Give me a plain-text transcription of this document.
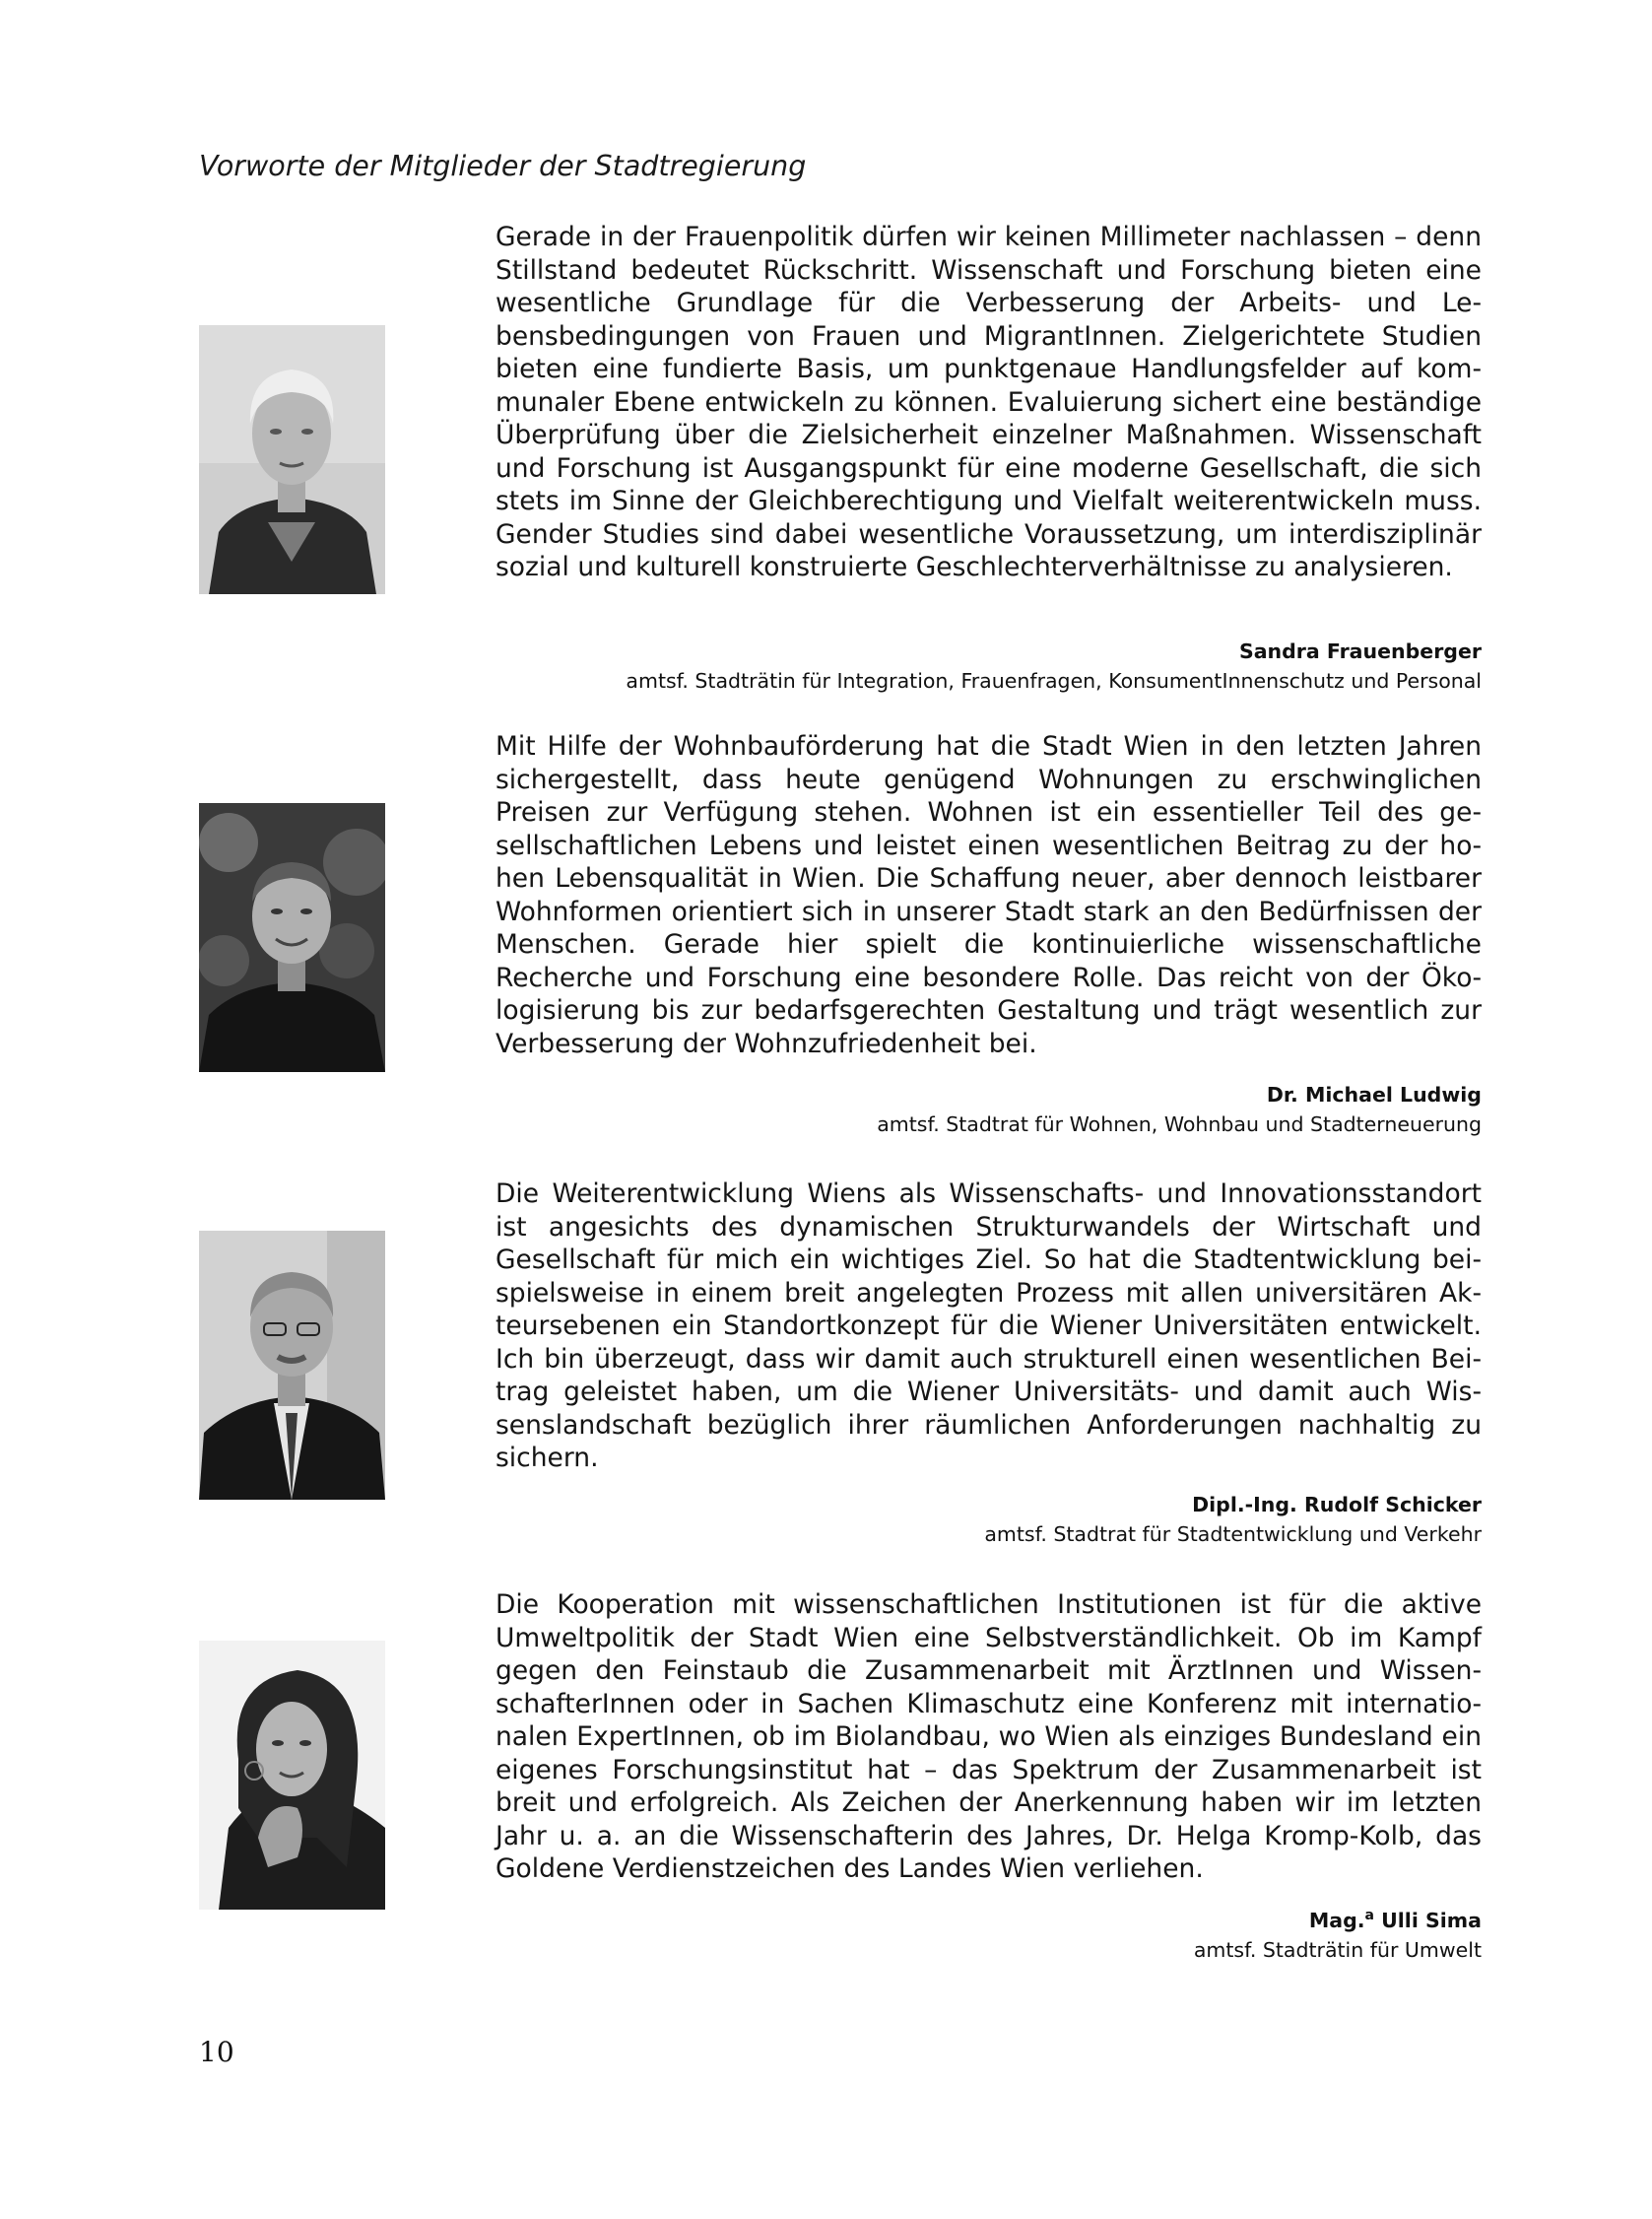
Vorworte der Mitglieder der Stadtregierung
Gerade in der Frauenpolitik dürfen wir keinen Millimeter nachlassen – denn Stillstand bedeutet Rückschritt. Wissenschaft und Forschung bieten eine wesentliche Grundlage für die Verbesserung der Arbeits- und Lebensbedingungen von Frauen und MigrantInnen. Zielgerichtete Studien bieten eine fundierte Basis, um punktgenaue Handlungsfelder auf kommunaler Ebene entwickeln zu können. Evaluierung sichert eine beständige Überprüfung über die Zielsicherheit einzelner Maßnahmen. Wissenschaft und Forschung ist Ausgangspunkt für eine moderne Gesellschaft, die sich stets im Sinne der Gleichberechtigung und Vielfalt weiterentwickeln muss. Gender Studies sind dabei wesentliche Voraussetzung, um interdisziplinär sozial und kulturell konstruierte Geschlechterverhältnisse zu analysieren.
Sandra Frauenberger
amtsf. Stadträtin für Integration, Frauenfragen, KonsumentInnenschutz und Personal
Mit Hilfe der Wohnbauförderung hat die Stadt Wien in den letzten Jahren sichergestellt, dass heute genügend Wohnungen zu erschwinglichen Preisen zur Verfügung stehen. Wohnen ist ein essentieller Teil des gesellschaftlichen Lebens und leistet einen wesentlichen Beitrag zu der hohen Lebensqualität in Wien. Die Schaffung neuer, aber dennoch leistbarer Wohnformen orientiert sich in unserer Stadt stark an den Bedürfnissen der Menschen. Gerade hier spielt die kontinuierliche wissenschaftliche Recherche und Forschung eine besondere Rolle. Das reicht von der Ökologisierung bis zur bedarfsgerechten Gestaltung und trägt wesentlich zur Verbesserung der Wohnzufriedenheit bei.
Dr. Michael Ludwig
amtsf. Stadtrat für Wohnen, Wohnbau und Stadterneuerung
Die Weiterentwicklung Wiens als Wissenschafts- und Innovationsstandort ist angesichts des dynamischen Strukturwandels der Wirtschaft und Gesellschaft für mich ein wichtiges Ziel. So hat die Stadtentwicklung beispielsweise in einem breit angelegten Prozess mit allen universitären Akteursebenen ein Standortkonzept für die Wiener Universitäten entwickelt. Ich bin überzeugt, dass wir damit auch strukturell einen wesentlichen Beitrag geleistet haben, um die Wiener Universitäts- und damit auch Wissenslandschaft bezüglich ihrer räumlichen Anforderungen nachhaltig zu sichern.
Dipl.-Ing. Rudolf Schicker
amtsf. Stadtrat für Stadtentwicklung und Verkehr
Die Kooperation mit wissenschaftlichen Institutionen ist für die aktive Umweltpolitik der Stadt Wien eine Selbstverständlichkeit. Ob im Kampf gegen den Feinstaub die Zusammenarbeit mit ÄrztInnen und WissenschafterInnen oder in Sachen Klimaschutz eine Konferenz mit internationalen ExpertInnen, ob im Biolandbau, wo Wien als einziges Bundesland ein eigenes Forschungsinstitut hat – das Spektrum der Zusammenarbeit ist breit und erfolgreich. Als Zeichen der Anerkennung haben wir im letzten Jahr u. a. an die Wissenschafterin des Jahres, Dr. Helga Kromp-Kolb, das Goldene Verdienstzeichen des Landes Wien verliehen.
Mag.$^a$ Ulli Sima
amtsf. Stadträtin für Umwelt
10
